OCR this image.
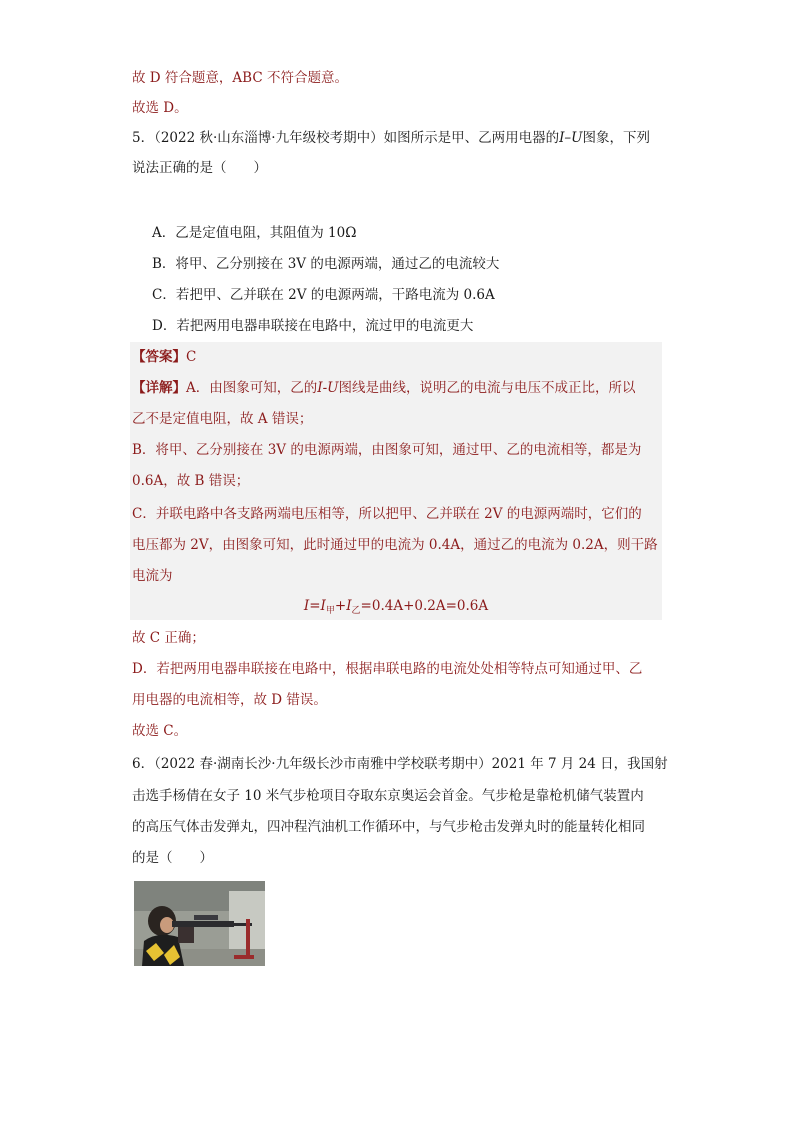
故 D 符合题意，ABC 不符合题意。
故选 D。
5．（2022 秋·山东淄博·九年级校考期中）如图所示是甲、乙两用电器的I–U图象，下列
说法正确的是（　　）
A．乙是定值电阻，其阻值为 10Ω
B．将甲、乙分别接在 3V 的电源两端，通过乙的电流较大
C．若把甲、乙并联在 2V 的电源两端，干路电流为 0.6A
D．若把两用电器串联接在电路中，流过甲的电流更大
【答案】C
【详解】A．由图象可知，乙的I-U图线是曲线，说明乙的电流与电压不成正比，所以
乙不是定值电阻，故 A 错误；
B．将甲、乙分别接在 3V 的电源两端，由图象可知，通过甲、乙的电流相等，都是为
0.6A，故 B 错误；
C．并联电路中各支路两端电压相等，所以把甲、乙并联在 2V 的电源两端时，它们的
电压都为 2V，由图象可知，此时通过甲的电流为 0.4A，通过乙的电流为 0.2A，则干路
电流为
$I=I_甲+I_乙=0.4A+0.2A=0.6A$
故 C 正确；
D．若把两用电器串联接在电路中，根据串联电路的电流处处相等特点可知通过甲、乙
用电器的电流相等，故 D 错误。
故选 C。
6．（2022 春·湖南长沙·九年级长沙市南雅中学校联考期中）2021 年 7 月 24 日，我国射
击选手杨倩在女子 10 米气步枪项目夺取东京奥运会首金。气步枪是靠枪机储气装置内
的高压气体击发弹丸，四冲程汽油机工作循环中，与气步枪击发弹丸时的能量转化相同
的是（　　）
